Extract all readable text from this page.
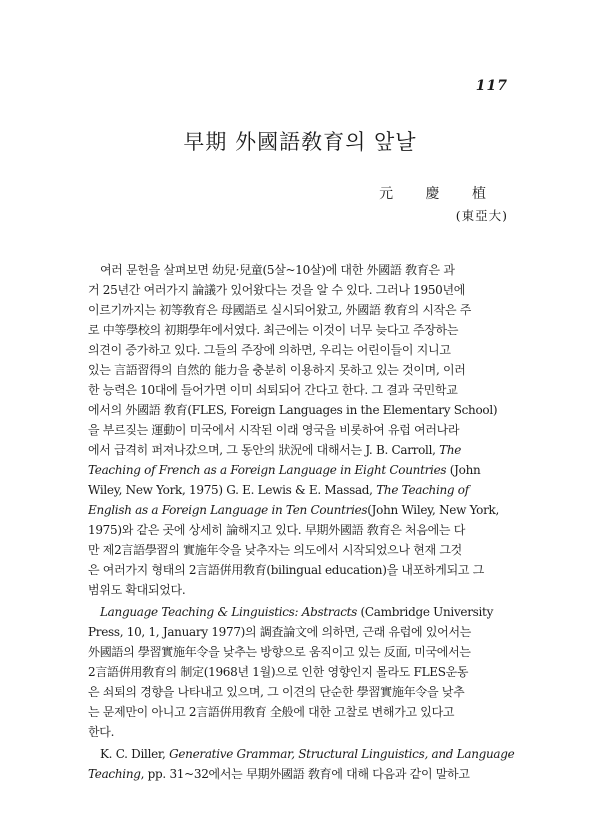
117
早期 外國語敎育의 앞날
元 慶 植
(東亞大)

여러 문헌을 살펴보면 幼兒·兒童(5살~10살)에 대한 外國語 敎育은 과
거 25년간 여러가지 論議가 있어왔다는 것을 알 수 있다. 그러나 1950년에
이르기까지는 初等敎育은 母國語로 실시되어왔고, 外國語 敎育의 시작은 주
로 中等學校의 初期學年에서였다. 최근에는 이것이 너무 늦다고 주장하는
의견이 증가하고 있다. 그들의 주장에 의하면, 우리는 어린이들이 지니고
있는 言語習得의 自然的 能力을 충분히 이용하지 못하고 있는 것이며, 이러
한 능력은 10대에 들어가면 이미 쇠퇴되어 간다고 한다. 그 결과 국민학교
에서의 外國語 敎育(FLES, Foreign Languages in the Elementary School)
을 부르짖는 運動이 미국에서 시작된 이래 영국을 비롯하여 유럽 여러나라
에서 급격히 퍼져나갔으며, 그 동안의 狀況에 대해서는 J. B. Carroll, The
Teaching of French as a Foreign Language in Eight Countries (John
Wiley, New York, 1975) G. E. Lewis & E. Massad, The Teaching of
English as a Foreign Language in Ten Countries(John Wiley, New York,
1975)와 같은 곳에 상세히 論해지고 있다. 早期外國語 敎育은 처음에는 다
만 제2言語學習의 實施年令을 낮추자는 의도에서 시작되었으나 현재 그것
은 여러가지 형태의 2言語倂用敎育(bilingual education)을 내포하게되고 그
범위도 확대되었다.

Language Teaching & Linguistics: Abstracts (Cambridge University
Press, 10, 1, January 1977)의 調査論文에 의하면, 근래 유럽에 있어서는
外國語의 學習實施年令을 낮추는 방향으로 움직이고 있는 反面, 미국에서는
2言語倂用敎育의 制定(1968년 1월)으로 인한 영향인지 몰라도 FLES운동
은 쇠퇴의 경향을 나타내고 있으며, 그 이견의 단순한 學習實施年令을 낮추
는 문제만이 아니고 2言語倂用敎育 全般에 대한 고찰로 변해가고 있다고
한다.

K. C. Diller, Generative Grammar, Structural Linguistics, and Language
Teaching, pp. 31~32에서는 早期外國語 敎育에 대해 다음과 같이 말하고
